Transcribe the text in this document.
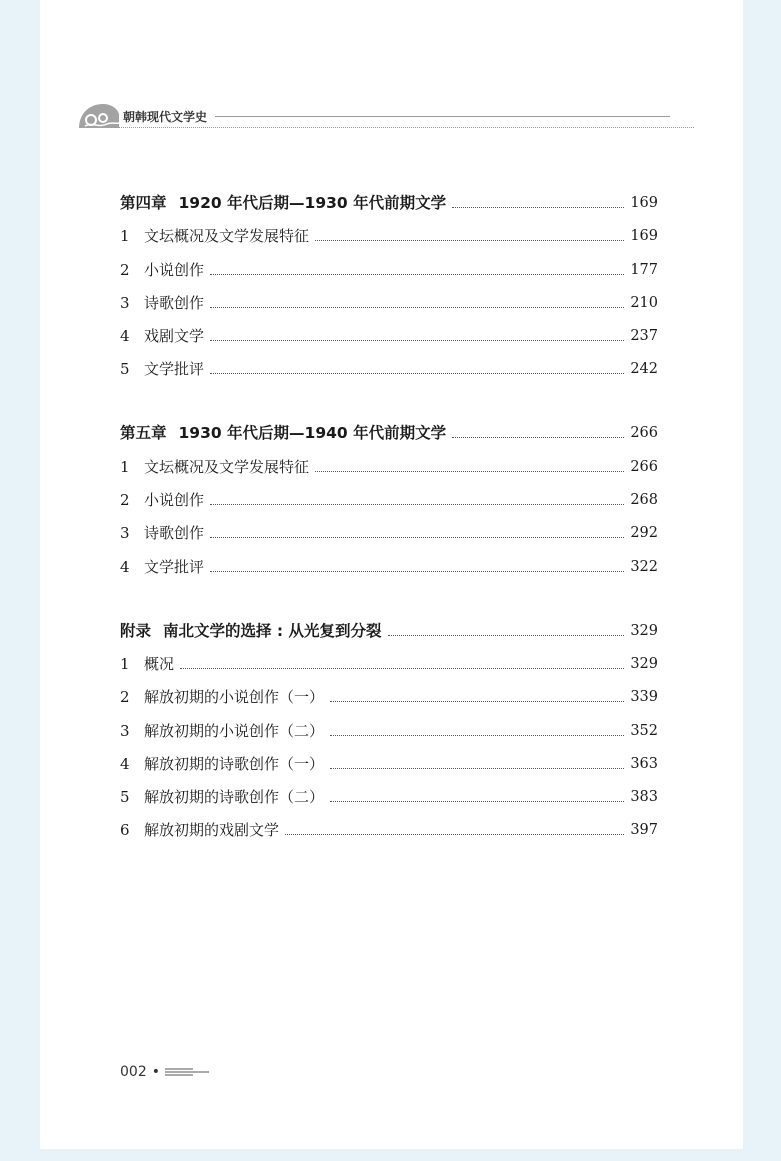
朝韩现代文学史
第四章 1920 年代后期—1930 年代前期文学	169
1 文坛概况及文学发展特征	169
2 小说创作	177
3 诗歌创作	210
4 戏剧文学	237
5 文学批评	242
第五章 1930 年代后期—1940 年代前期文学	266
1 文坛概况及文学发展特征	266
2 小说创作	268
3 诗歌创作	292
4 文学批评	322
附录 南北文学的选择 : 从光复到分裂	329
1 概况	329
2 解放初期的小说创作（一）	339
3 解放初期的小说创作（二）	352
4 解放初期的诗歌创作（一）	363
5 解放初期的诗歌创作（二）	383
6 解放初期的戏剧文学	397
002 •
